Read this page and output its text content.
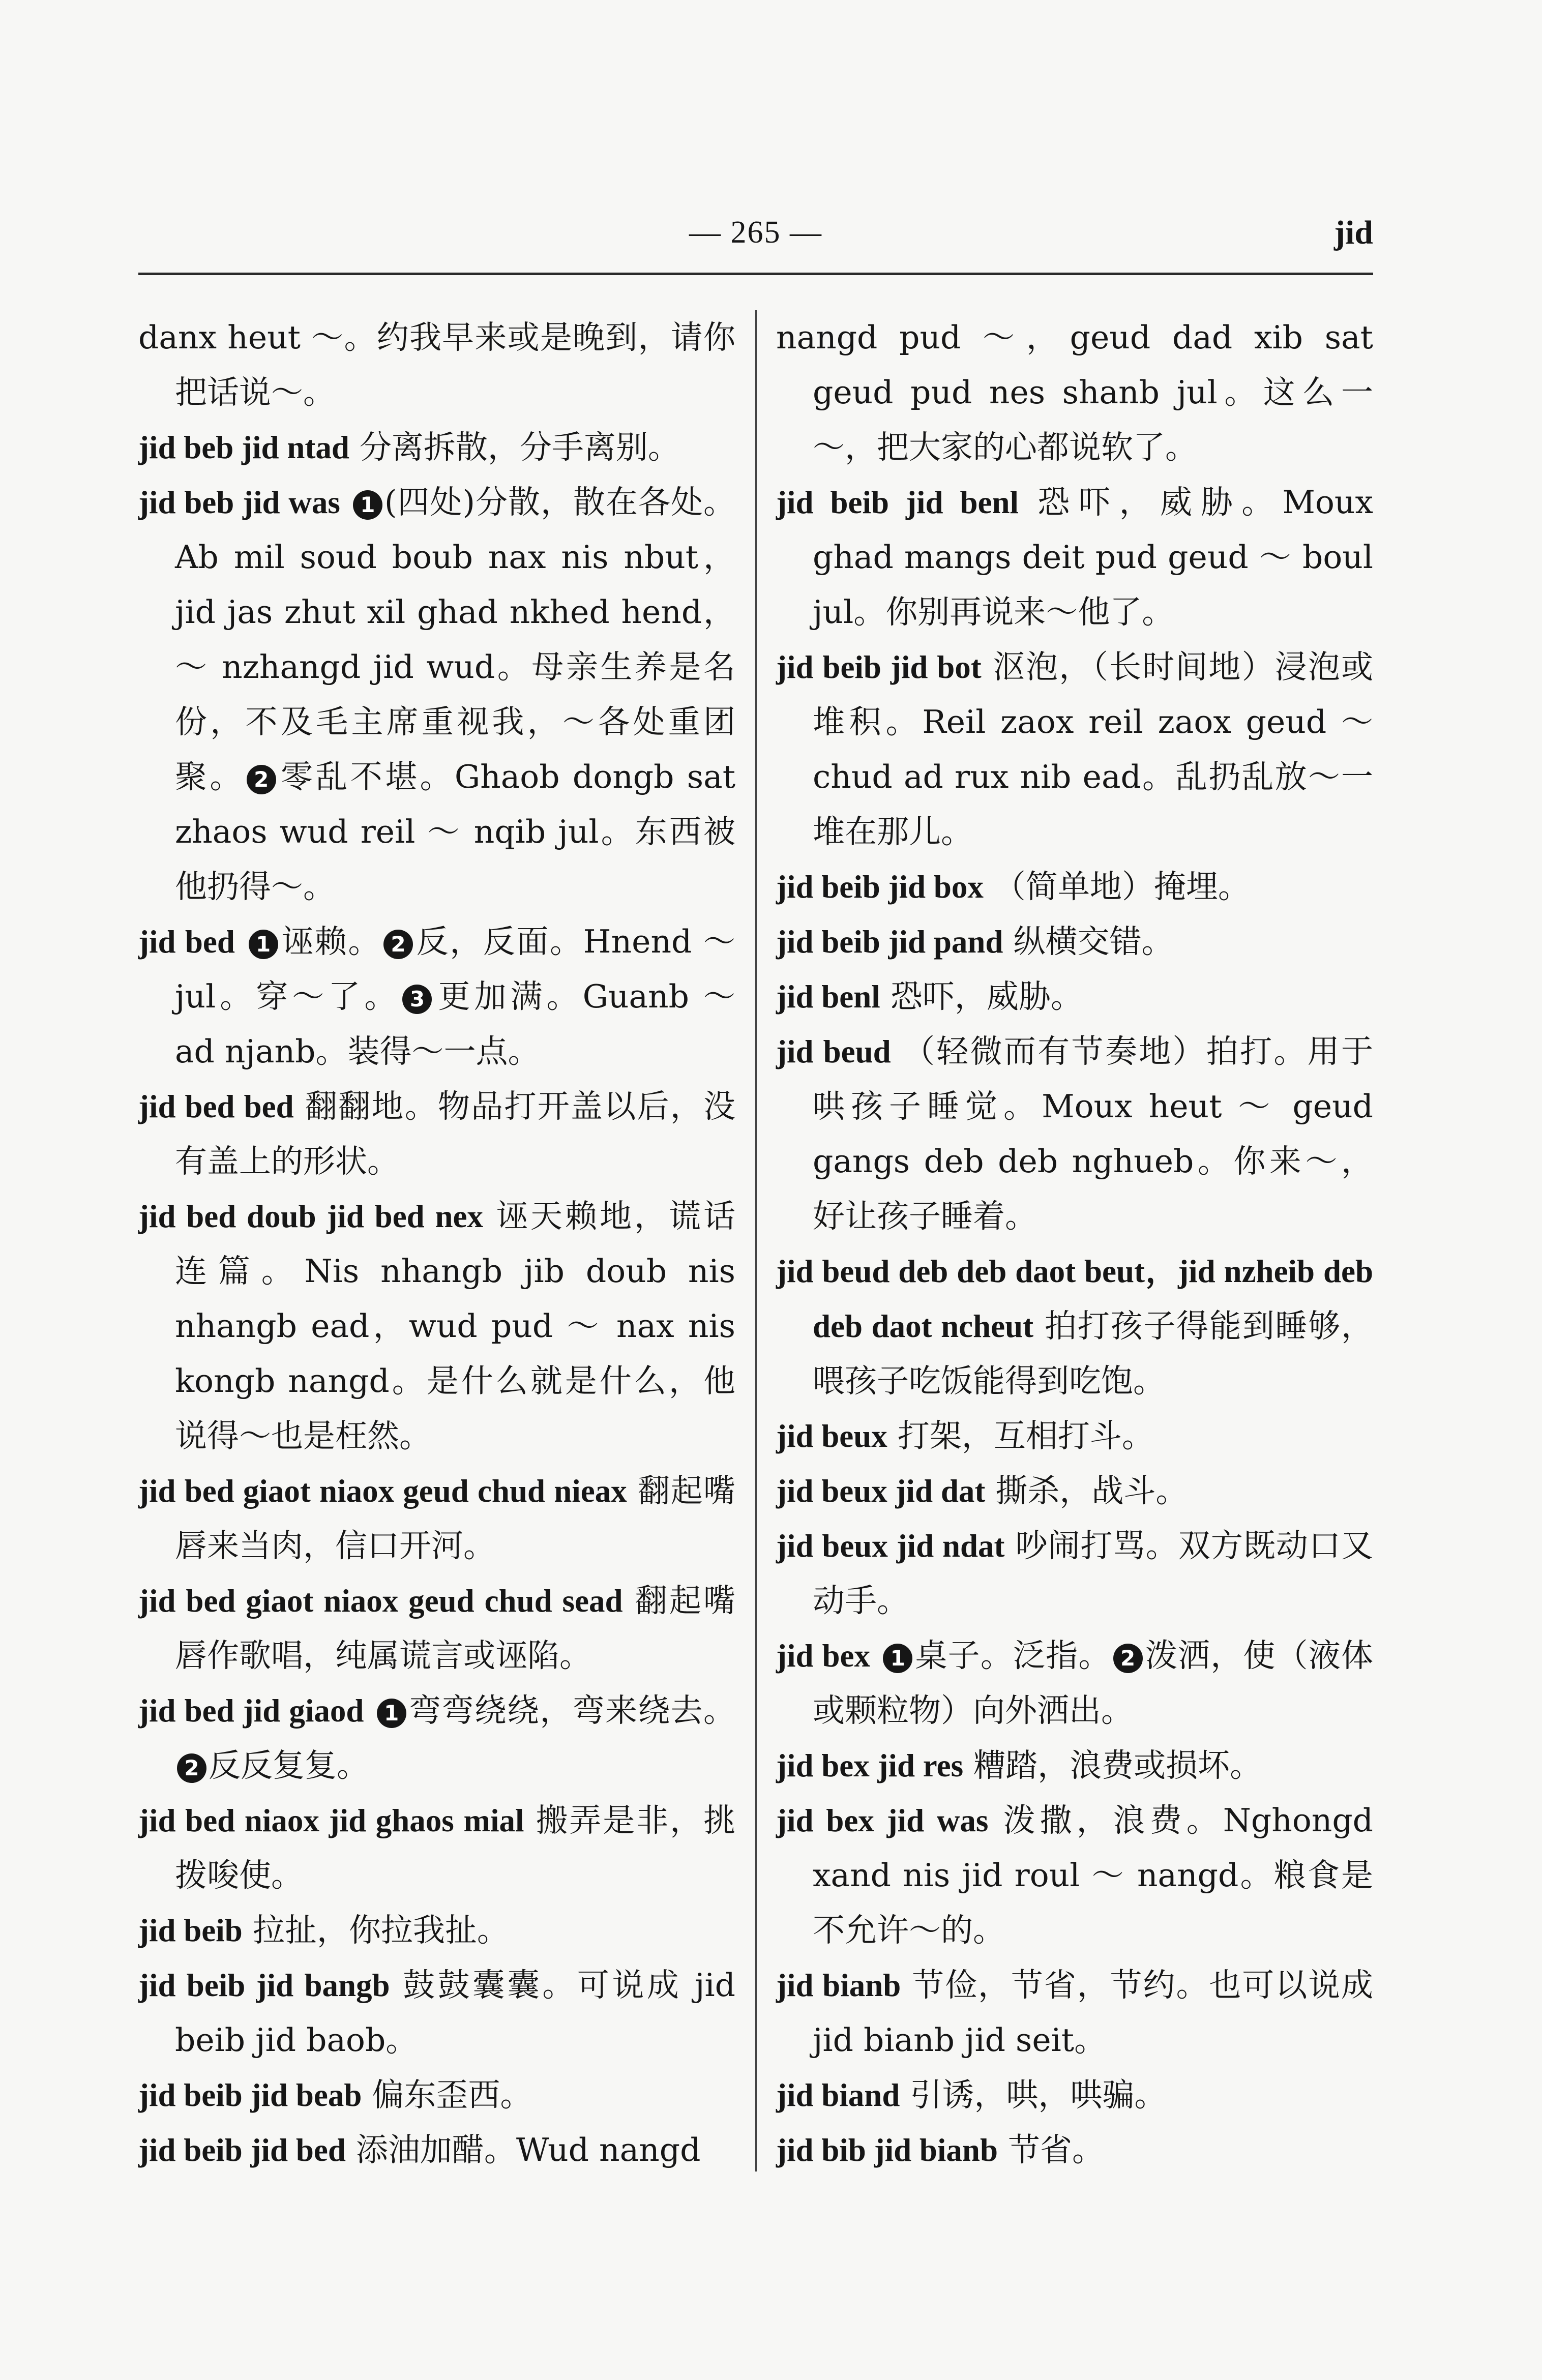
— 265 —	jid
danx heut ～。约我早来或是晚到，请你把话说～。
jid beb jid ntad 分离拆散，分手离别。
jid beb jid was 1 (四处)分散，散在各处。Ab mil soud boub nax nis nbut，jid jas zhut xil ghad nkhed hend，～ nzhangd jid wud。母亲生养是名份，不及毛主席重视我，～各处重团聚。 2 零乱不堪。Ghaob dongb sat zhaos wud reil ～ nqib jul。东西被他扔得～。
jid bed 1 诬赖。 2 反，反面。Hnend ～ jul。穿～了。 3 更加满。Guanb ～ ad njanb。装得～一点。
jid bed bed 翻翻地。物品打开盖以后，没有盖上的形状。
jid bed doub jid bed nex 诬天赖地，谎话连篇。Nis nhangb jib doub nis nhangb ead，wud pud ～ nax nis kongb nangd。是什么就是什么，他说得～也是枉然。
jid bed giaot niaox geud chud nieax 翻起嘴唇来当肉，信口开河。
jid bed giaot niaox geud chud sead 翻起嘴唇作歌唱，纯属谎言或诬陷。
jid bed jid giaod 1 弯弯绕绕，弯来绕去。2 反反复复。
jid bed niaox jid ghaos mial 搬弄是非，挑拨唆使。
jid beib 拉扯，你拉我扯。
jid beib jid bangb 鼓鼓囊囊。可说成 jid beib jid baob。
jid beib jid beab 偏东歪西。
jid beib jid bed 添油加醋。Wud nangd
nangd pud ～，geud dad xib sat geud pud nes shanb jul。这么一～，把大家的心都说软了。
jid beib jid benl 恐吓，威胁。Moux ghad mangs deit pud geud ～ boul jul。你别再说来～他了。
jid beib jid bot 沤泡，（长时间地）浸泡或堆积。Reil zaox reil zaox geud ～ chud ad rux nib ead。乱扔乱放～一堆在那儿。
jid beib jid box （简单地）掩埋。
jid beib jid pand 纵横交错。
jid benl 恐吓，威胁。
jid beud （轻微而有节奏地）拍打。用于哄孩子睡觉。Moux heut ～ geud gangs deb deb nghueb。你来～，好让孩子睡着。
jid beud deb deb daot beut，jid nzheib deb deb daot ncheut 拍打孩子得能到睡够，喂孩子吃饭能得到吃饱。
jid beux 打架，互相打斗。
jid beux jid dat 撕杀，战斗。
jid beux jid ndat 吵闹打骂。双方既动口又动手。
jid bex 1 桌子。泛指。 2 泼洒，使（液体或颗粒物）向外洒出。
jid bex jid res 糟踏，浪费或损坏。
jid bex jid was 泼撒，浪费。Nghongd xand nis jid roul ～ nangd。粮食是不允许～的。
jid bianb 节俭，节省，节约。也可以说成 jid bianb jid seit。
jid biand 引诱，哄，哄骗。
jid bib jid bianb 节省。
